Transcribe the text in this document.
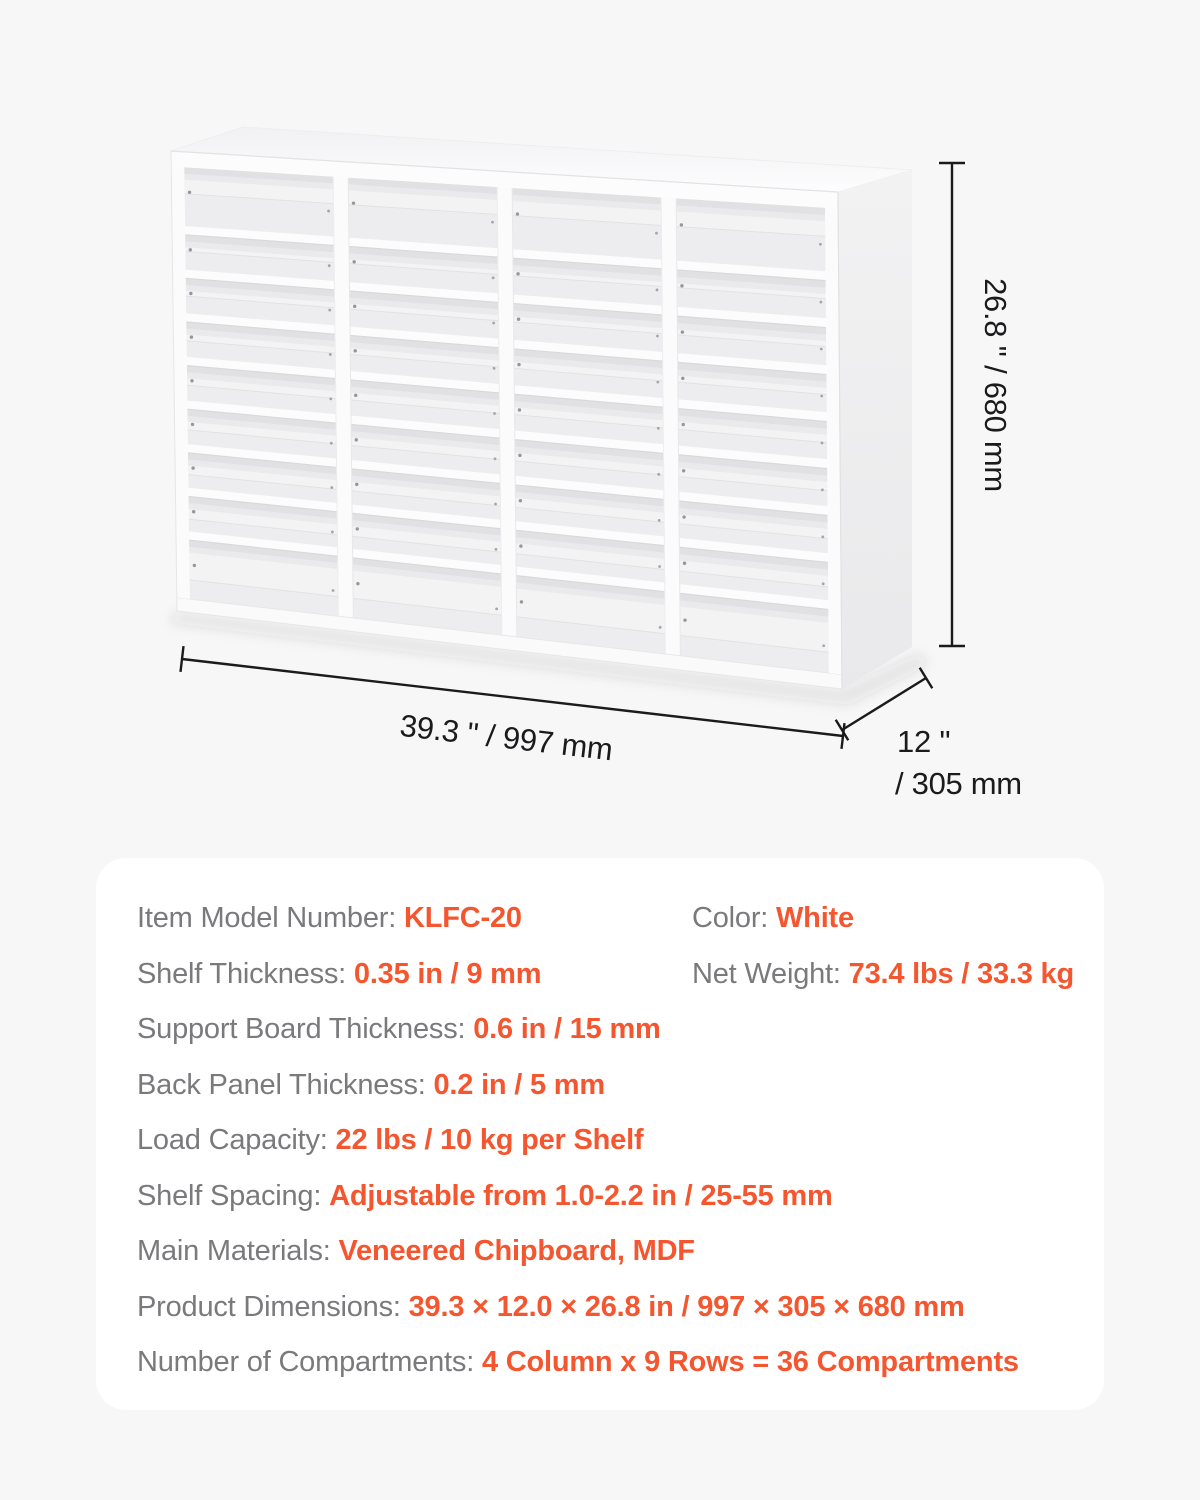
26.8 '' / 680 mm
39.3 '' / 997 mm	12 ''
/ 305 mm
Item Model Number: KLFC-20	Color: White
Shelf Thickness: 0.35 in / 9 mm	Net Weight: 73.4 lbs / 33.3 kg
Support Board Thickness: 0.6 in / 15 mm
Back Panel Thickness: 0.2 in / 5 mm
Load Capacity: 22 lbs / 10 kg per Shelf
Shelf Spacing: Adjustable from 1.0-2.2 in / 25-55 mm
Main Materials: Veneered Chipboard, MDF
Product Dimensions: 39.3 × 12.0 × 26.8 in / 997 × 305 × 680 mm
Number of Compartments: 4 Column x 9 Rows = 36 Compartments
